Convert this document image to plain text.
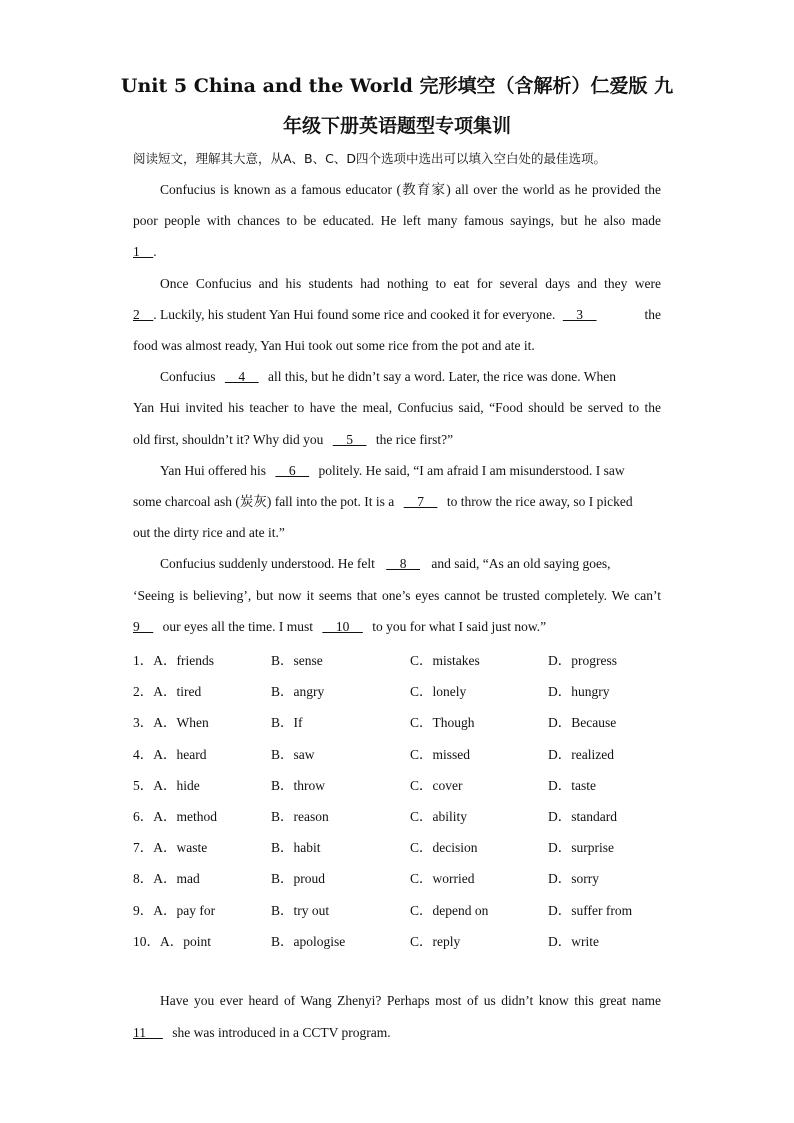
Unit 5 China and the World 完形填空（含解析）仁爱版 九
年级下册英语题型专项集训
阅读短文，理解其大意，从A、B、C、D四个选项中选出可以填入空白处的最佳选项。
Confucius is known as a famous educator (教育家) all over the world as he provided the
poor people with chances to be educated. He left many famous sayings, but he also made
1    .
Once Confucius and his students had nothing to eat for several days and they were
2    . Luckily, his student Yan Hui found some rice and cooked it for everyone.     3	the
food was almost ready, Yan Hui took out some rice from the pot and ate it.
Confucius     4     all this, but he didn’t say a word. Later, the rice was done. When
Yan Hui invited his teacher to have the meal, Confucius said, “Food should be served to the
old first, shouldn’t it? Why did you     5     the rice first?”
Yan Hui offered his     6     politely. He said, “I am afraid I am misunderstood. I saw
some charcoal ash (炭灰) fall into the pot. It is a     7     to throw the rice away, so I picked
out the dirty rice and ate it.”
Confucius suddenly understood. He felt     8     and said, “As an old saying goes,
‘Seeing is believing’, but now it seems that one’s eyes cannot be trusted completely. We can’t
9     our eyes all the time. I must     10     to you for what I said just now.”
1．A．friends	B．sense	C．mistakes	D．progress
2．A．tired	B．angry	C．lonely	D．hungry
3．A．When	B．If	C．Though	D．Because
4．A．heard	B．saw	C．missed	D．realized
5．A．hide	B．throw	C．cover	D．taste
6．A．method	B．reason	C．ability	D．standard
7．A．waste	B．habit	C．decision	D．surprise
8．A．mad	B．proud	C．worried	D．sorry
9．A．pay for	B．try out	C．depend on	D．suffer from
10．A．point	B．apologise	C．reply	D．write
Have you ever heard of Wang Zhenyi? Perhaps most of us didn’t know this great name
11      she was introduced in a CCTV program.
